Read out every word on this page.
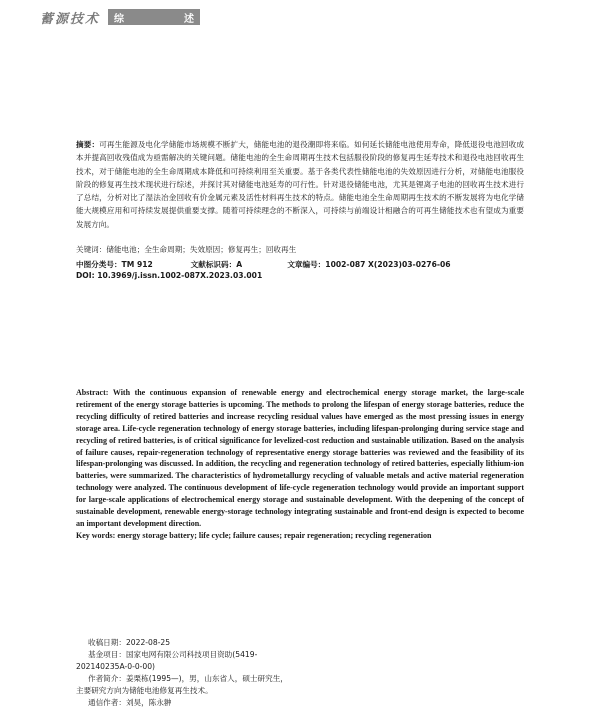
蓄源技术 综	述

摘要：可再生能源及电化学储能市场规模不断扩大，储能电池的退役潮即将来临。如何延长储能电池使用寿命，降低退役电池回收成本并提高回收残值成为亟需解决的关键问题。储能电池的全生命周期再生技术包括服役阶段的修复再生延寿技术和退役电池回收再生技术，对于储能电池的全生命周期成本降低和可持续利用至关重要。基于各类代表性储能电池的失效原因进行分析，对储能电池服役阶段的修复再生技术现状进行综述，并探讨其对储能电池延寿的可行性。针对退役储能电池，尤其是锂离子电池的回收再生技术进行了总结，分析对比了湿法冶金回收有价金属元素及活性材料再生技术的特点。储能电池全生命周期再生技术的不断发展将为电化学储能大规模应用和可持续发展提供重要支撑。随着可持续理念的不断深入，可持续与前端设计相融合的可再生储能技术也有望成为重要发展方向。

关键词：储能电池；全生命周期；失效原因；修复再生；回收再生
中图分类号：TM 912	文献标识码：A	文章编号：1002-087 X(2023)03-0276-06
DOI: 10.3969/j.issn.1002-087X.2023.03.001

Abstract: With the continuous expansion of renewable energy and electrochemical energy storage market, the large-scale retirement of the energy storage batteries is upcoming. The methods to prolong the lifespan of energy storage batteries, reduce the recycling difficulty of retired batteries and increase recycling residual values have emerged as the most pressing issues in energy storage area. Life-cycle regeneration technology of energy storage batteries, including lifespan-prolonging during service stage and recycling of retired batteries, is of critical significance for levelized-cost reduction and sustainable utilization. Based on the analysis of failure causes, repair-regeneration technology of representative energy storage batteries was reviewed and the feasibility of its lifespan-prolonging was discussed. In addition, the recycling and regeneration technology of retired batteries, especially lithium-ion batteries, were summarized. The characteristics of hydrometallurgy recycling of valuable metals and active material regeneration technology were analyzed. The continuous development of life-cycle regeneration technology would provide an important support for large-scale applications of electrochemical energy storage and sustainable development. With the deepening of the concept of sustainable development, renewable energy-storage technology integrating sustainable and front-end design is expected to become an important development direction.

Key words: energy storage battery; life cycle; failure causes; repair regeneration; recycling regeneration

收稿日期：2022-08-25
基金项目：国家电网有限公司科技项目资助(5419-
202140235A-0-0-00)
作者简介：姜栗栋(1995—)，男，山东省人，硕士研究生，
主要研究方向为储能电池修复再生技术。
通信作者：刘昊，陈永翀
